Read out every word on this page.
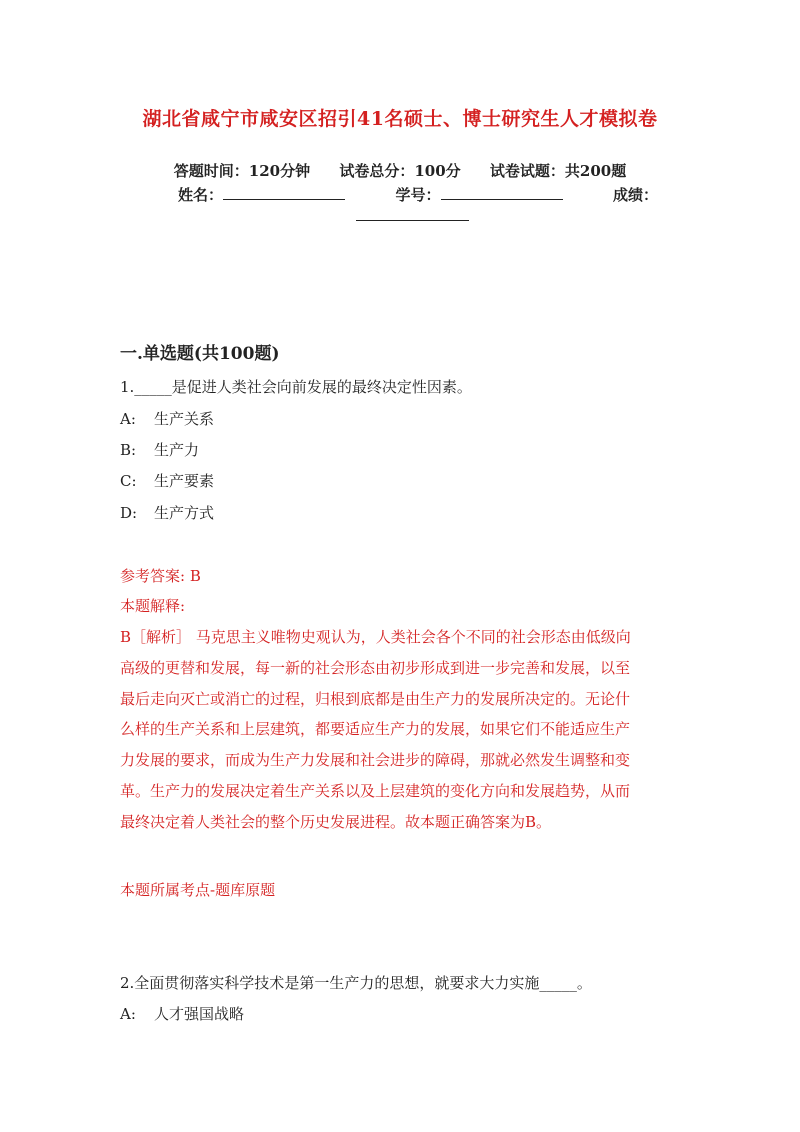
湖北省咸宁市咸安区招引41名硕士、博士研究生人才模拟卷
答题时间：120分钟 试卷总分：100分 试卷试题：共200题
姓名：	学号：	成绩：
一.单选题(共100题)
1._____是促进人类社会向前发展的最终决定性因素。
A: 生产关系
B: 生产力
C: 生产要素
D: 生产方式
参考答案: B
本题解释:
B［解析］ 马克思主义唯物史观认为，人类社会各个不同的社会形态由低级向
高级的更替和发展，每一新的社会形态由初步形成到进一步完善和发展，以至
最后走向灭亡或消亡的过程，归根到底都是由生产力的发展所决定的。无论什
么样的生产关系和上层建筑，都要适应生产力的发展，如果它们不能适应生产
力发展的要求，而成为生产力发展和社会进步的障碍，那就必然发生调整和变
革。生产力的发展决定着生产关系以及上层建筑的变化方向和发展趋势，从而
最终决定着人类社会的整个历史发展进程。故本题正确答案为B。
本题所属考点-题库原题
2.全面贯彻落实科学技术是第一生产力的思想，就要求大力实施_____。
A: 人才强国战略
